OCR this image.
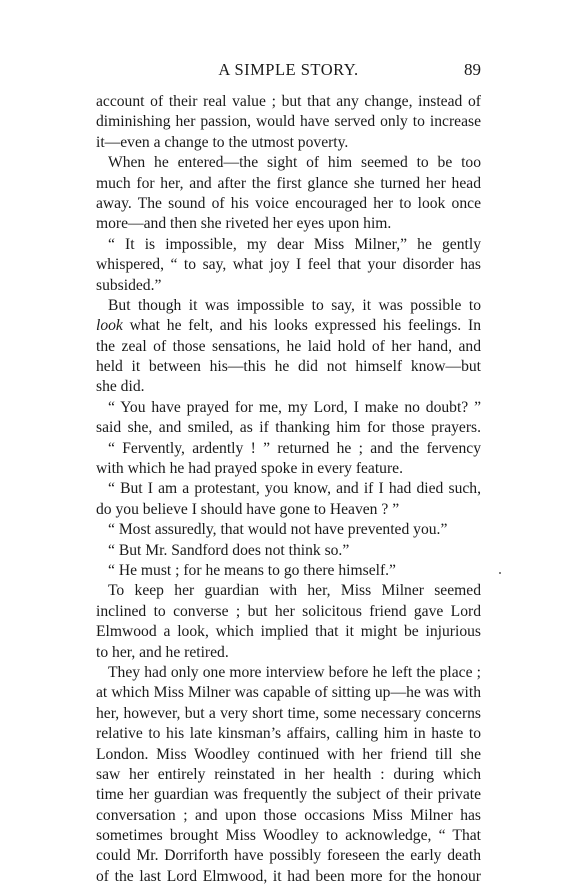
A SIMPLE STORY.	89
account of their real value ; but that any change, instead of
diminishing her passion, would have served only to increase
it—even a change to the utmost poverty.
When he entered—the sight of him seemed to be too
much for her, and after the first glance she turned her head
away. The sound of his voice encouraged her to look once
more—and then she riveted her eyes upon him.
“ It is impossible, my dear Miss Milner,” he gently
whispered, “ to say, what joy I feel that your disorder has
subsided.”
But though it was impossible to say, it was possible to
look what he felt, and his looks expressed his feelings. In
the zeal of those sensations, he laid hold of her hand, and
held it between his—this he did not himself know—but
she did.
“ You have prayed for me, my Lord, I make no doubt? ”
said she, and smiled, as if thanking him for those prayers.
“ Fervently, ardently ! ” returned he ; and the fervency
with which he had prayed spoke in every feature.
“ But I am a protestant, you know, and if I had died such,
do you believe I should have gone to Heaven ? ”
“ Most assuredly, that would not have prevented you.”
“ But Mr. Sandford does not think so.”
“ He must ; for he means to go there himself.”
To keep her guardian with her, Miss Milner seemed
inclined to converse ; but her solicitous friend gave Lord
Elmwood a look, which implied that it might be injurious
to her, and he retired.
They had only one more interview before he left the place ;
at which Miss Milner was capable of sitting up—he was with
her, however, but a very short time, some necessary concerns
relative to his late kinsman’s affairs, calling him in haste to
London. Miss Woodley continued with her friend till she
saw her entirely reinstated in her health : during which
time her guardian was frequently the subject of their private
conversation ; and upon those occasions Miss Milner has
sometimes brought Miss Woodley to acknowledge, “ That
could Mr. Dorriforth have possibly foreseen the early death
of the last Lord Elmwood, it had been more for the honour
